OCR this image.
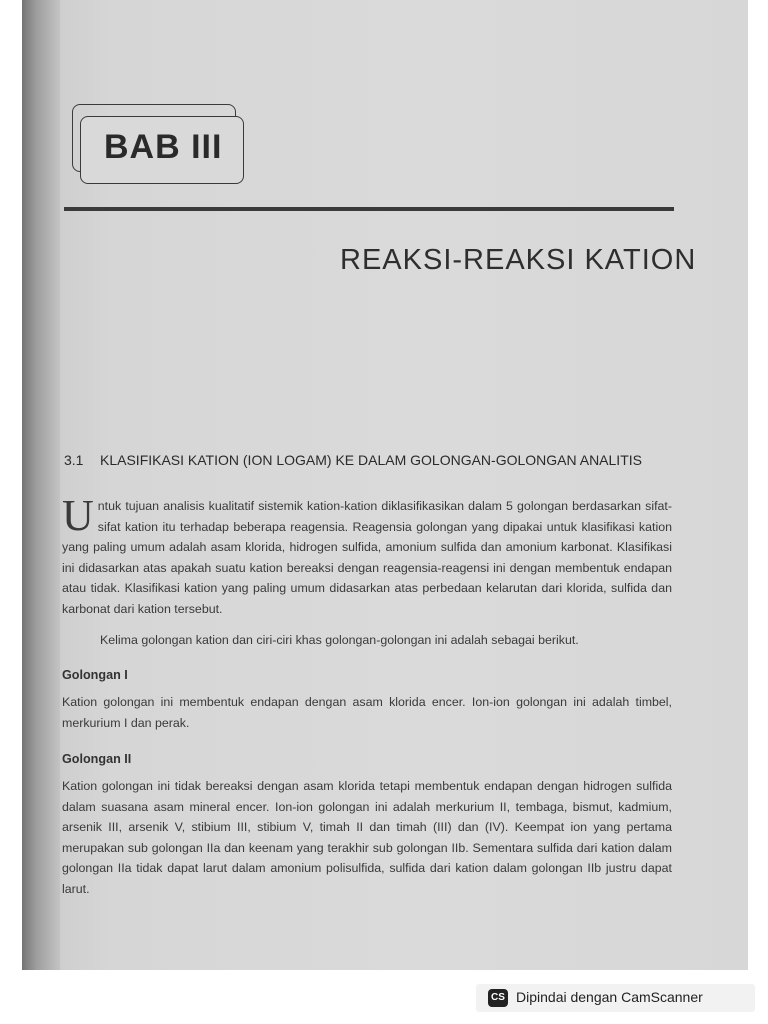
BAB III
REAKSI-REAKSI KATION
3.1 KLASIFIKASI KATION (ION LOGAM) KE DALAM GOLONGAN-GOLONGAN ANALITIS

Untuk tujuan analisis kualitatif sistemik kation-kation diklasifikasikan dalam 5 golongan berdasarkan sifat-sifat kation itu terhadap beberapa reagensia. Reagensia golongan yang dipakai untuk klasifikasi kation yang paling umum adalah asam klorida, hidrogen sulfida, amonium sulfida dan amonium karbonat. Klasifikasi ini didasarkan atas apakah suatu kation bereaksi dengan reagensia-reagensi ini dengan membentuk endapan atau tidak. Klasifikasi kation yang paling umum didasarkan atas perbedaan kelarutan dari klorida, sulfida dan karbonat dari kation tersebut.

Kelima golongan kation dan ciri-ciri khas golongan-golongan ini adalah sebagai berikut.

Golongan I

Kation golongan ini membentuk endapan dengan asam klorida encer. Ion-ion golongan ini adalah timbel, merkurium I dan perak.

Golongan II

Kation golongan ini tidak bereaksi dengan asam klorida tetapi membentuk endapan dengan hidrogen sulfida dalam suasana asam mineral encer. Ion-ion golongan ini adalah merkurium II, tembaga, bismut, kadmium, arsenik III, arsenik V, stibium III, stibium V, timah II dan timah (III) dan (IV). Keempat ion yang pertama merupakan sub golongan IIa dan keenam yang terakhir sub golongan IIb. Sementara sulfida dari kation dalam golongan IIa tidak dapat larut dalam amonium polisulfida, sulfida dari kation dalam golongan IIb justru dapat larut.

CS Dipindai dengan CamScanner
